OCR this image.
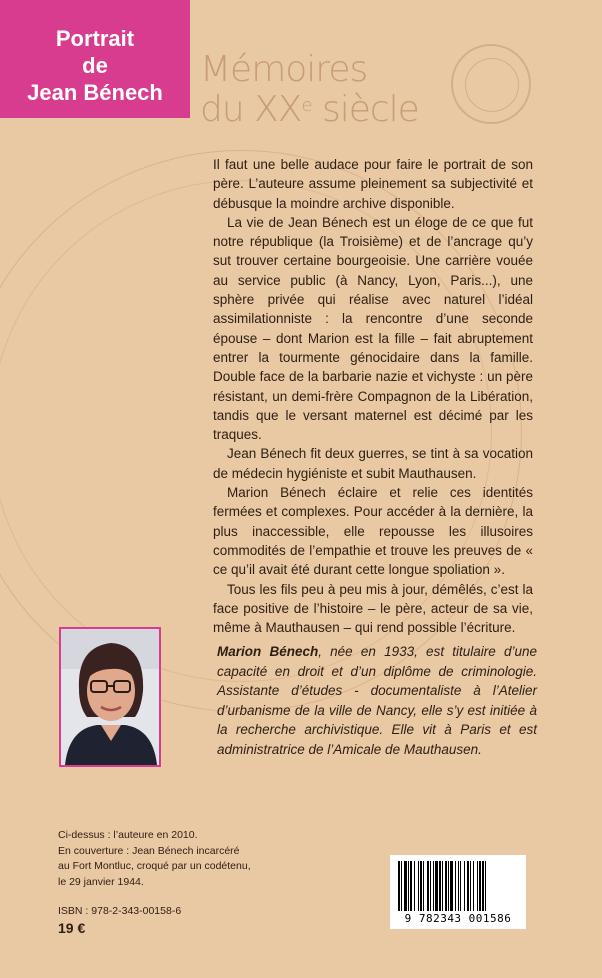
Portrait
de
Jean Bénech
Mémoires
du XXe siècle

Il faut une belle audace pour faire le portrait de son père. L’auteure assume pleinement sa subjectivité et débusque la moindre archive disponible.

La vie de Jean Bénech est un éloge de ce que fut notre république (la Troisième) et de l’ancrage qu’y sut trouver certaine bourgeoisie. Une carrière vouée au service public (à Nancy, Lyon, Paris...), une sphère privée qui réalise avec naturel l’idéal assimilationniste : la rencontre d’une seconde épouse – dont Marion est la fille – fait abruptement entrer la tourmente génocidaire dans la famille. Double face de la barbarie nazie et vichyste : un père résistant, un demi-frère Compagnon de la Libération, tandis que le versant maternel est décimé par les traques.

Jean Bénech fit deux guerres, se tint à sa vocation de médecin hygiéniste et subit Mauthausen.

Marion Bénech éclaire et relie ces identités fermées et complexes. Pour accéder à la dernière, la plus inaccessible, elle repousse les illusoires commodités de l’empathie et trouve les preuves de « ce qu’il avait été durant cette longue spoliation ».

Tous les fils peu à peu mis à jour, démêlés, c’est la face positive de l’histoire – le père, acteur de sa vie, même à Mauthausen – qui rend possible l’écriture.

Marion Bénech, née en 1933, est titulaire d’une capacité en droit et d’un diplôme de criminologie. Assistante d’études - documentaliste à l’Atelier d’urbanisme de la ville de Nancy, elle s’y est initiée à la recherche archivistique. Elle vit à Paris et est administratrice de l’Amicale de Mauthausen.
Ci-dessus : l’auteure en 2010.
En couverture : Jean Bénech incarcéré
au Fort Montluc, croqué par un codétenu,
le 29 janvier 1944.
ISBN : 978-2-343-00158-6
19 €
9 782343 001586
